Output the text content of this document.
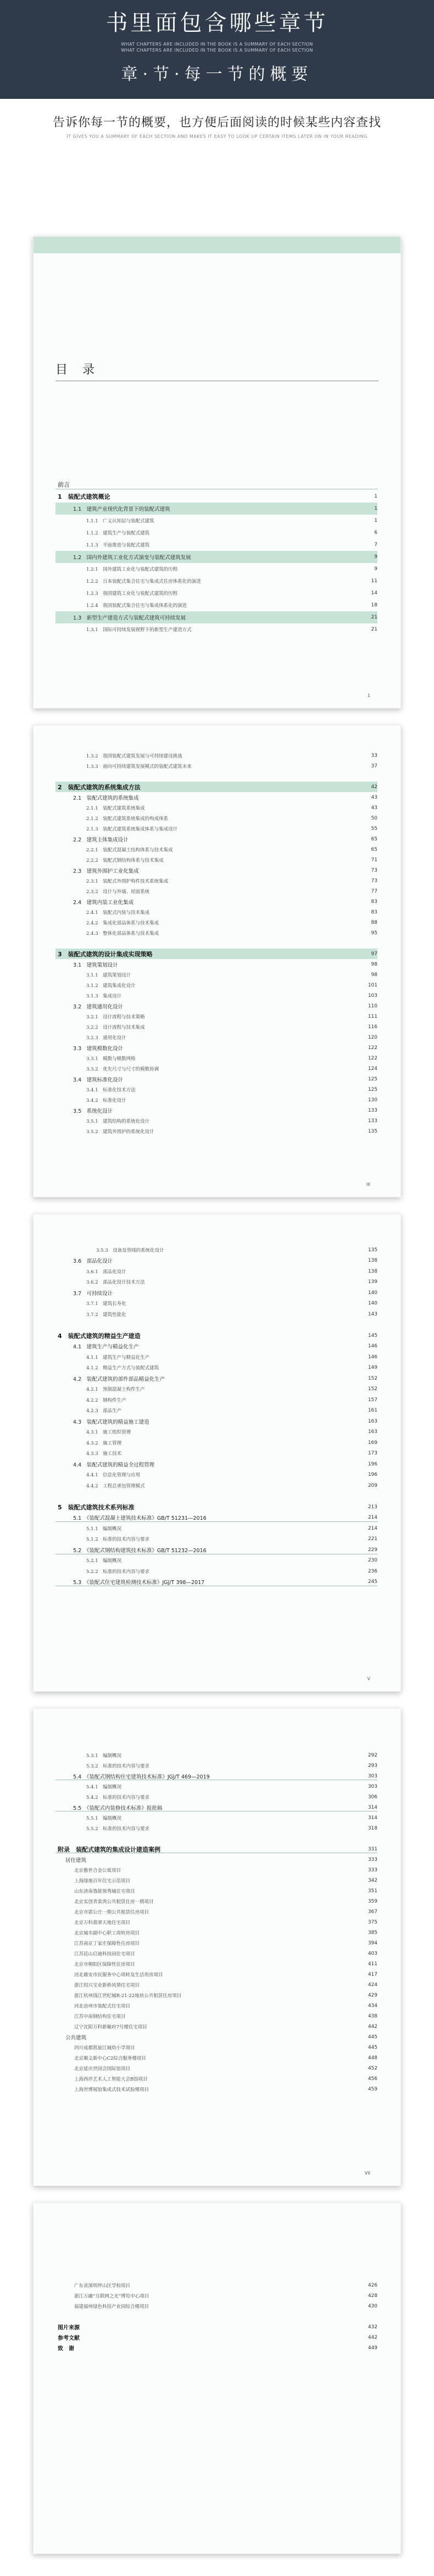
书里面包含哪些章节
WHAT CHAPTERS ARE INCLUDED IN THE BOOK IS A SUMMARY OF EACH SECTION
WHAT CHAPTERS ARE INCLUDED IN THE BOOK IS A SUMMARY OF EACH SECTION
章·节·每一节的概要
告诉你每一节的概要，也方便后面阅读的时候某些内容查找
IT GIVES YOU A SUMMARY OF EACH SECTION AND MAKES IT EASY TO LOOK UP CERTAIN ITEMS LATER ON IN YOUR READING
目 录
前言
1　装配式建筑概论	1
1.1　建筑产业现代化背景下的装配式建筑	1
1.1.1　广义认知层与装配式建筑	1
1.1.2　建筑生产与装配式建筑	6
1.1.3　平面推进与装配式建筑	7
1.2　国内外建筑工业化方式演变与装配式建筑发展	9
1.2.1　国外建筑工业化与装配式建筑的历程	9
1.2.2　日本装配式集合住宅与集成式住房体系化的演进	11
1.2.3　我国建筑工业化与装配式建筑的历程	14
1.2.4　我国装配式集合住宅与集成体系化的演进	18
1.3　新型生产建造方式与装配式建筑可持续发展	21
1.3.1　国际可持续发展视野下的新型生产建造方式	21
1
1.3.2　我国装配式建筑发展与可持续建设挑战	33
1.3.3　面向可持续建筑发展模式的装配式建筑未来	37
2　装配式建筑的系统集成方法	42
2.1　装配式建筑的系统集成	43
2.1.1　装配式建筑系统集成	43
2.1.2　装配式建筑系统集成的构成体系	50
2.1.3　装配式建筑系统集成体系与集成设计	55
2.2　建筑主体集成设计	65
2.2.1　装配式混凝土结构体系与技术集成	65
2.2.2　装配式钢结构体系与技术集成	71
2.3　建筑外围护工业化集成	73
2.3.1　装配式外围护构件技术系统集成	73
2.3.2　设计与外墙、屋面系统	77
2.4　建筑内装工业化集成	83
2.4.1　装配式内装与技术集成	83
2.4.2　集成化部品体系与技术集成	88
2.4.3　整体化部品体系与技术集成	95
3　装配式建筑的设计集成实现策略	97
3.1　建筑策划设计	98
3.1.1　建筑策划设计	98
3.1.2　建筑集成化设计	101
3.1.3　集成设计	103
3.2　建筑通用化设计	110
3.2.1　设计流程与技术策略	111
3.2.2　设计流程与技术集成	116
3.2.3　通用化设计	120
3.3　建筑模数化设计	122
3.3.1　模数与模数网格	122
3.3.2　优先尺寸与尺寸的模数协调	124
3.4　建筑标准化设计	125
3.4.1　标准化技术方法	125
3.4.2　标准化设计	130
3.5　系统化设计	133
3.5.1　建筑结构的系统化设计	133
3.5.2　建筑外围护的系统化设计	135
III
3.5.3　设备及管线的系统化设计	135
3.6　部品化设计	138
3.6.1　部品化设计	138
3.6.2　部品化设计技术方法	139
3.7　可持续设计	140
3.7.1　建筑长寿化	140
3.7.2　建筑性能化	143
4　装配式建筑的精益生产建造	145
4.1　建筑生产与精益化生产	146
4.1.1　建筑生产与精益化生产	146
4.1.2　精益生产方式与装配式建筑	149
4.2　装配式建筑的部件部品精益化生产	152
4.2.1　预制混凝土构件生产	152
4.2.2　钢构件生产	157
4.2.3　部品生产	161
4.3　装配式建筑的精益施工建造	163
4.3.1　施工组织管理	163
4.3.2　施工管理	169
4.3.3　施工技术	173
4.4　装配式建筑的精益全过程管理	196
4.4.1　信息化管理与应用	196
4.4.2　工程总承包管理模式	209
5　装配式建筑技术系列标准	213
5.1　《装配式混凝土建筑技术标准》GB/T 51231—2016	214
5.1.1　编制概况	214
5.1.2　标准的技术内容与要求	221
5.2　《装配式钢结构建筑技术标准》GB/T 51232—2016	229
5.2.1　编制概况	230
5.2.2　标准的技术内容与要求	236
5.3　《装配式住宅建筑检测技术标准》JGJ/T 398—2017	245
V
5.3.1　编制概况	292
5.3.2　标准的技术内容与要求	293
5.4　《装配式钢结构住宅建筑技术标准》JGJ/T 469—2019	303
5.4.1　编制概况	303
5.4.2　标准的技术内容与要求	306
5.5　《装配式内装修技术标准》报批稿	314
5.5.1　编制概况	314
5.5.2　标准的技术内容与要求	318
附录　装配式建筑的集成设计建造案例	331
居住建筑	333
北京雅世合金公寓项目	333
上海绿地百年住宅示范项目	342
山东济南鲁能领秀城住宅项目	351
北京实创青棠湾公共租赁住房一期项目	359
北京市郭公庄一期公共租赁住房项目	367
北京万科翡翠天地住宅项目	375
北京城市副中心职工周转房项目	385
江苏南京丁家庄保障性住房项目	394
江苏昆山启迪科技园住宅项目	403
北京市朝阳区保障性住房项目	411
河北雄安市民服务中心周转及生活用房项目	417
浙江绍兴宝业新桥风情住宅项目	424
浙江杭州钱江世纪城R-21-22地块公共租赁住房项目	429
河北沧州市装配式住宅项目	434
江苏中南钢结构住宅项目	438
辽宁沈阳万科新榆府7号楼住宅项目	442
公共建筑	445
四川成都凯旋江城幼小学项目	445
北京顺义新中心C2综合服务楼项目	448
北京延庆世园会国际馆项目	452
上海西岸艺术人工智能大会B馆项目	456
上海世博展馆集成式技术试验楼项目	459
VII
广东省深圳坪山区学校项目	426
浙江万融“互联网之光”博览中心项目	428
福建福州绿色科技产业园综合楼项目	430
图片来源	432
参考文献	442
致　谢	449
